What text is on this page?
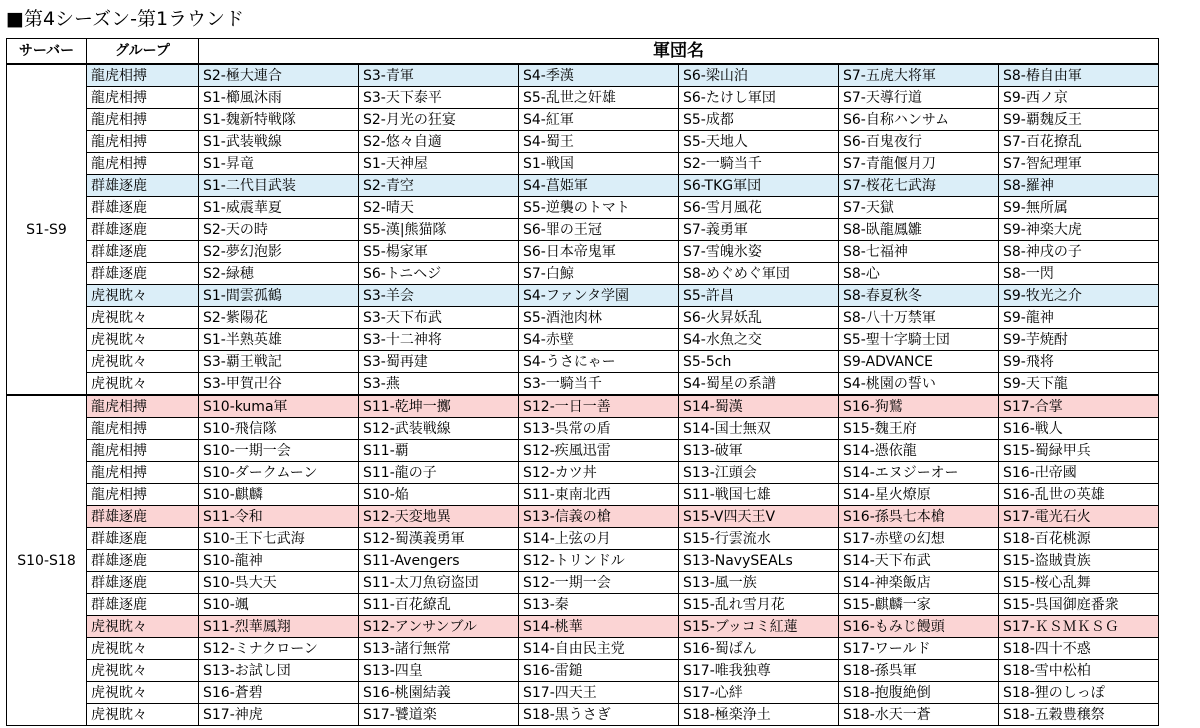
■第4シーズン-第1ラウンド
サーバー	グループ	軍団名					
S1-S9	龍虎相搏	S2-極大連合	S3-青軍	S4-季漢	S6-梁山泊	S7-五虎大将軍	S8-椿自由軍
	龍虎相搏	S1-櫛風沐雨	S3-天下泰平	S5-乱世之奸雄	S6-たけし軍団	S7-天導行道	S9-西ノ京
	龍虎相搏	S1-魏新特戦隊	S2-月光の狂宴	S4-紅軍	S5-成都	S6-自称ハンサム	S9-覇魏反王
	龍虎相搏	S1-武装戦線	S2-悠々自適	S4-蜀王	S5-天地人	S6-百鬼夜行	S7-百花撩乱
	龍虎相搏	S1-昇竜	S1-天神屋	S1-戦国	S2-一騎当千	S7-青龍偃月刀	S7-智紀理軍
	群雄逐鹿	S1-二代目武装	S2-青空	S4-菖姫軍	S6-TKG軍団	S7-桜花七武海	S8-羅神
	群雄逐鹿	S1-威震華夏	S2-晴天	S5-逆襲のトマト	S6-雪月風花	S7-天獄	S9-無所属
	群雄逐鹿	S2-天の時	S5-漢|熊猫隊	S6-罪の王冠	S7-義勇軍	S8-臥龍鳳雛	S9-神楽大虎
	群雄逐鹿	S2-夢幻泡影	S5-楊家軍	S6-日本帝鬼軍	S7-雪魄氷姿	S8-七福神	S8-神戌の子
	群雄逐鹿	S2-緑穂	S6-トニヘジ	S7-白鯨	S8-めぐめぐ軍団	S8-心	S8-一閃
	虎視眈々	S1-間雲孤鶴	S3-羊会	S4-ファンタ学園	S5-許昌	S8-春夏秋冬	S9-牧光之介
	虎視眈々	S2-紫陽花	S3-天下布武	S5-酒池肉林	S6-火昇妖乱	S8-八十万禁軍	S9-龍神
	虎視眈々	S1-半熟英雄	S3-十二神将	S4-赤壁	S4-水魚之交	S5-聖十字騎士団	S9-芋焼酎
	虎視眈々	S3-覇王戦記	S3-蜀再建	S4-うさにゃー	S5-5ch	S9-ADVANCE	S9-飛将
	虎視眈々	S3-甲賀卍谷	S3-燕	S3-一騎当千	S4-蜀星の系譜	S4-桃園の誓い	S9-天下龍
S10-S18	龍虎相搏	S10-kuma軍	S11-乾坤一擲	S12-一日一善	S14-蜀漢	S16-狗鷲	S17-合掌
	龍虎相搏	S10-飛信隊	S12-武装戦線	S13-呉常の盾	S14-国士無双	S15-魏王府	S16-戦人
	龍虎相搏	S10-一期一会	S11-覇	S12-疾風迅雷	S13-破軍	S14-憑依龍	S15-蜀緑甲兵
	龍虎相搏	S10-ダークムーン	S11-龍の子	S12-カツ丼	S13-江頭会	S14-エヌジーオー	S16-卍帝國
	龍虎相搏	S10-麒麟	S10-焔	S11-東南北西	S11-戦国七雄	S14-星火燎原	S16-乱世の英雄
	群雄逐鹿	S11-令和	S12-天変地異	S13-信義の槍	S15-V四天王V	S16-孫呉七本槍	S17-電光石火
	群雄逐鹿	S10-王下七武海	S12-蜀漢義勇軍	S14-上弦の月	S15-行雲流水	S17-赤壁の幻想	S18-百花桃源
	群雄逐鹿	S10-龍神	S11-Avengers	S12-トリンドル	S13-NavySEALs	S14-天下布武	S15-盗賊貴族
	群雄逐鹿	S10-呉大天	S11-太刀魚窃盗団	S12-一期一会	S13-風一族	S14-神楽飯店	S15-桜心乱舞
	群雄逐鹿	S10-颯	S11-百花繚乱	S13-秦	S15-乱れ雪月花	S15-麒麟一家	S15-呉国御庭番衆
	虎視眈々	S11-烈華鳳翔	S12-アンサンブル	S14-桃華	S15-ブッコミ紅蓮	S16-もみじ饅頭	S17-ＫＳＭＫＳＧ
	虎視眈々	S12-ミナクローン	S13-諸行無常	S14-自由民主党	S16-蜀ぱん	S17-ワールド	S18-四十不惑
	虎視眈々	S13-お試し団	S13-四皇	S16-雷鎚	S17-唯我独尊	S18-孫呉軍	S18-雪中松柏
	虎視眈々	S16-蒼碧	S16-桃園結義	S17-四天王	S17-心絆	S18-抱腹絶倒	S18-狸のしっぽ
	虎視眈々	S17-神虎	S17-饕道楽	S18-黒うさぎ	S18-極楽浄土	S18-水天一蒼	S18-五穀豊穣祭
